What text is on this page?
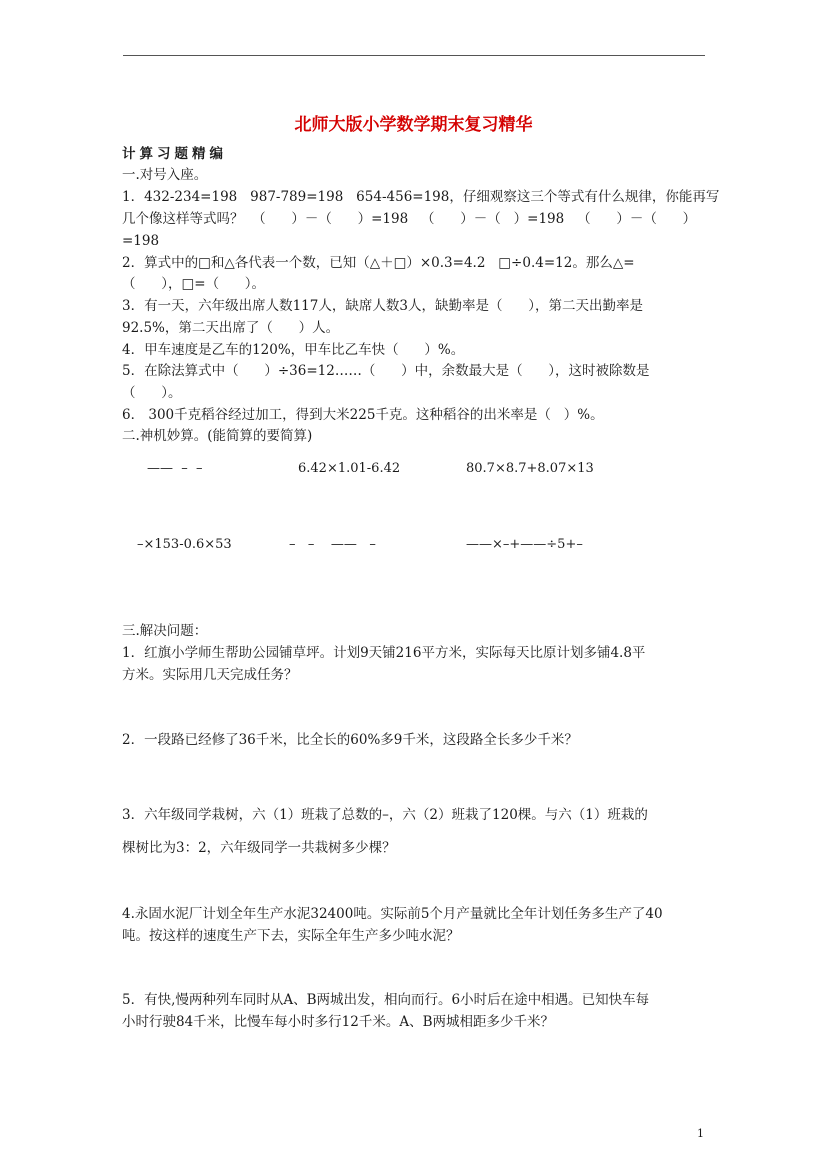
北师大版小学数学期末复习精华
计算习题精编
一.对号入座。
1．432-234=198   987-789=198   654-456=198，仔细观察这三个等式有什么规律，你能再写
几个像这样等式吗？  （      ）－（      ）=198   （      ）－（   ）=198   （      ）－（      ）
=198
2．算式中的□和△各代表一个数，已知（△＋□）×0.3=4.2   □÷0.4=12。那么△=
（      ），□=（      ）。
3．有一天，六年级出席人数117人，缺席人数3人，缺勤率是（      ），第二天出勤率是
92.5%，第二天出席了（      ）人。
4．甲车速度是乙车的120%，甲车比乙车快（      ）%。
5．在除法算式中（      ）÷36=12……（      ）中，余数最大是（      ），这时被除数是
（      ）。
6． 300千克稻谷经过加工，得到大米225千克。这种稻谷的出米率是（   ）%。
二.神机妙算。(能简算的要简算)
——  –  –	6.42×1.01-6.42	80.7×8.7+8.07×13
–×153-0.6×53	–   –    ——   –	——×–+——÷5+–
三.解决问题：
1．红旗小学师生帮助公园铺草坪。计划9天铺216平方米，实际每天比原计划多铺4.8平
方米。实际用几天完成任务？
2．一段路已经修了36千米，比全长的60%多9千米，这段路全长多少千米？
3．六年级同学栽树，六（1）班栽了总数的–，六（2）班栽了120棵。与六（1）班栽的
棵树比为3：2，六年级同学一共栽树多少棵？
4.永固水泥厂计划全年生产水泥32400吨。实际前5个月产量就比全年计划任务多生产了40
吨。按这样的速度生产下去，实际全年生产多少吨水泥？
5．有快,慢两种列车同时从A、B两城出发，相向而行。6小时后在途中相遇。已知快车每
小时行驶84千米，比慢车每小时多行12千米。A、B两城相距多少千米？
1
